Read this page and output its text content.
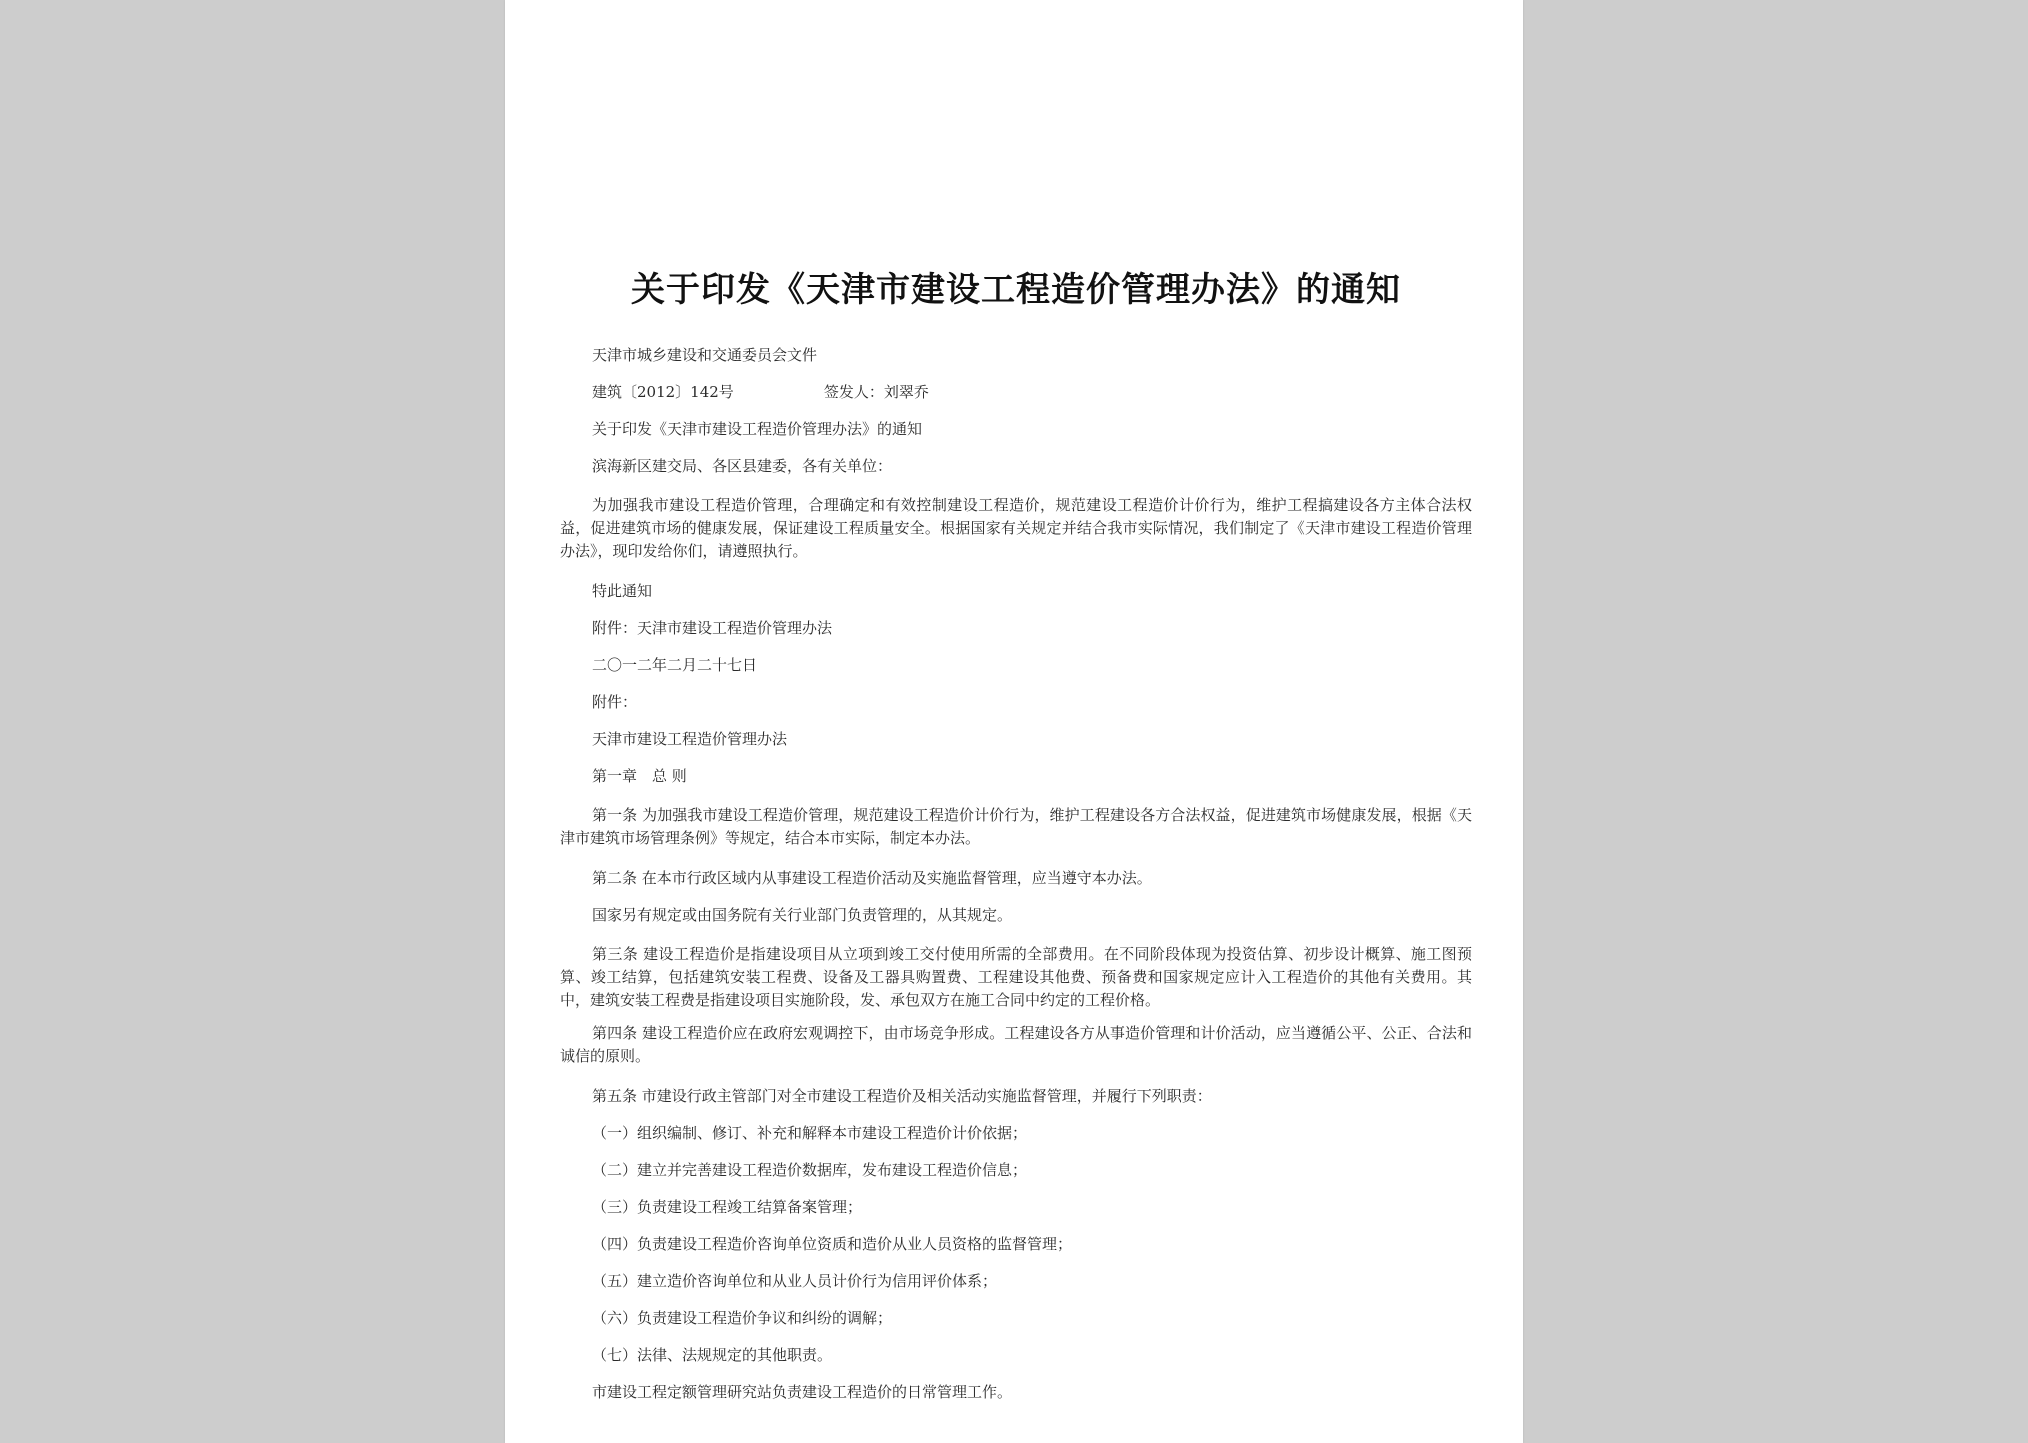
关于印发《天津市建设工程造价管理办法》的通知

天津市城乡建设和交通委员会文件

建筑〔2012〕142号	签发人：刘翠乔

关于印发《天津市建设工程造价管理办法》的通知

滨海新区建交局、各区县建委，各有关单位：

为加强我市建设工程造价管理，合理确定和有效控制建设工程造价，规范建设工程造价计价行为，维护工程搞建设各方主体合法权益，促进建筑市场的健康发展，保证建设工程质量安全。根据国家有关规定并结合我市实际情况，我们制定了《天津市建设工程造价管理办法》，现印发给你们，请遵照执行。

特此通知

附件：天津市建设工程造价管理办法

二〇一二年二月二十七日

附件：

天津市建设工程造价管理办法

第一章　总 则

第一条 为加强我市建设工程造价管理，规范建设工程造价计价行为，维护工程建设各方合法权益，促进建筑市场健康发展，根据《天津市建筑市场管理条例》等规定，结合本市实际，制定本办法。

第二条 在本市行政区域内从事建设工程造价活动及实施监督管理，应当遵守本办法。

国家另有规定或由国务院有关行业部门负责管理的，从其规定。

第三条 建设工程造价是指建设项目从立项到竣工交付使用所需的全部费用。在不同阶段体现为投资估算、初步设计概算、施工图预算、竣工结算，包括建筑安装工程费、设备及工器具购置费、工程建设其他费、预备费和国家规定应计入工程造价的其他有关费用。其中，建筑安装工程费是指建设项目实施阶段，发、承包双方在施工合同中约定的工程价格。

第四条 建设工程造价应在政府宏观调控下，由市场竞争形成。工程建设各方从事造价管理和计价活动，应当遵循公平、公正、合法和诚信的原则。

第五条 市建设行政主管部门对全市建设工程造价及相关活动实施监督管理，并履行下列职责：

（一）组织编制、修订、补充和解释本市建设工程造价计价依据；

（二）建立并完善建设工程造价数据库，发布建设工程造价信息；

（三）负责建设工程竣工结算备案管理；

（四）负责建设工程造价咨询单位资质和造价从业人员资格的监督管理；

（五）建立造价咨询单位和从业人员计价行为信用评价体系；

（六）负责建设工程造价争议和纠纷的调解；

（七）法律、法规规定的其他职责。

市建设工程定额管理研究站负责建设工程造价的日常管理工作。
